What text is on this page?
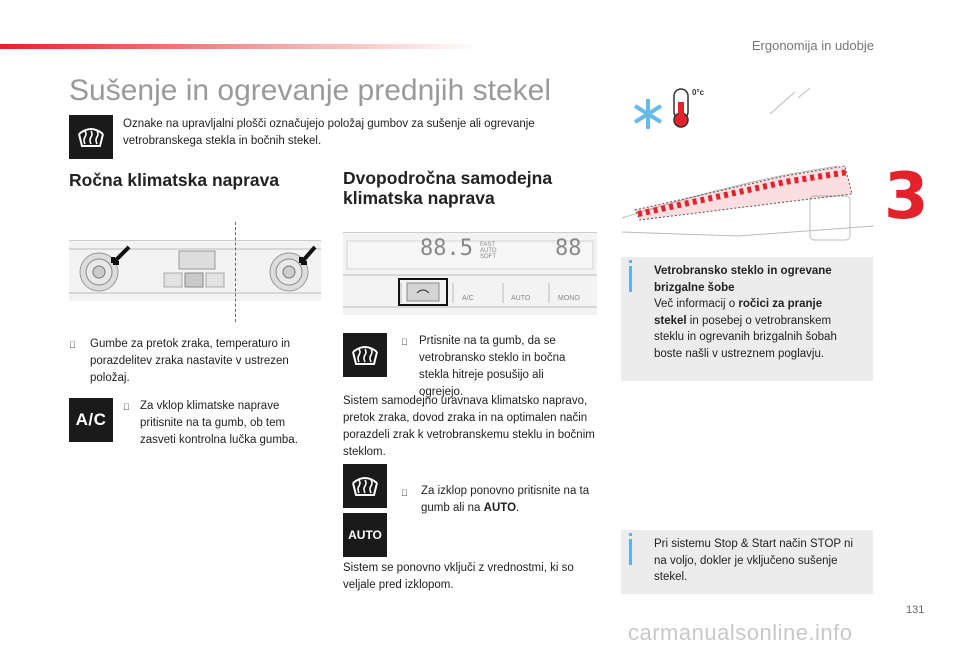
Ergonomija in udobje
3
Sušenje in ogrevanje prednjih stekel

Oznake na upravljalni plošči označujejo položaj gumbov za sušenje ali ogrevanje vetrobranskega stekla in bočnih stekel.

Ročna klimatska naprava

Gumbe za pretok zraka, temperaturo in porazdelitev zraka nastavite v ustrezen položaj.

A/C

Za vklop klimatske naprave pritisnite na ta gumb, ob tem zasveti kontrolna lučka gumba.

Dvopodročna samodejna
klimatska naprava
88.5 FAST
AUTO
SOFT	88
A/C	AUTO	MONO

Prtisnite na ta gumb, da se vetrobransko steklo in bočna stekla hitreje posušijo ali ogrejejo.

Sistem samodejno uravnava klimatsko napravo, pretok zraka, dovod zraka in na optimalen način porazdeli zrak k vetrobranskemu steklu in bočnim steklom.

Za izklop ponovno pritisnite na ta gumb ali na AUTO.

AUTO

Sistem se ponovno vključi z vrednostmi, ki so veljale pred izklopom.

0°c

Vetrobransko steklo in ogrevane brizgalne šobe
Več informacij o ročici za pranje stekel in posebej o vetrobranskem steklu in ogrevanih brizgalnih šobah boste našli v ustreznem poglavju.

Pri sistemu Stop & Start način STOP ni na voljo, dokler je vključeno sušenje stekel.

131
carmanualsonline.info
